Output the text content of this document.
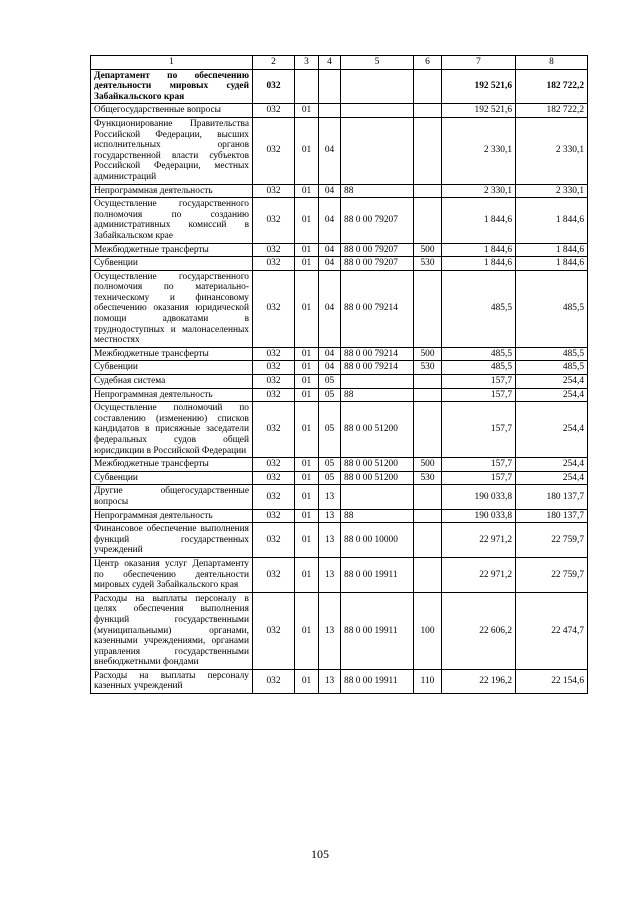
1	2	3	4	5	6	7	8
Департамент по обеспечению деятельности мировых судей Забайкальского края	032					192 521,6	182 722,2
Общегосударственные вопросы	032	01				192 521,6	182 722,2
Функционирование Правительства Российской Федерации, высших исполнительных органов государственной власти субъектов Российской Федерации, местных администраций	032	01	04			2 330,1	2 330,1
Непрограммная деятельность	032	01	04	88		2 330,1	2 330,1
Осуществление государственного полномочия по созданию административных комиссий в Забайкальском крае	032	01	04	88 0 00 79207		1 844,6	1 844,6
Межбюджетные трансферты	032	01	04	88 0 00 79207	500	1 844,6	1 844,6
Субвенции	032	01	04	88 0 00 79207	530	1 844,6	1 844,6
Осуществление государственного полномочия по материально-техническому и финансовому обеспечению оказания юридической помощи адвокатами в труднодоступных и малонаселенных местностях	032	01	04	88 0 00 79214		485,5	485,5
Межбюджетные трансферты	032	01	04	88 0 00 79214	500	485,5	485,5
Субвенции	032	01	04	88 0 00 79214	530	485,5	485,5
Судебная система	032	01	05			157,7	254,4
Непрограммная деятельность	032	01	05	88		157,7	254,4
Осуществление полномочий по составлению (изменению) списков кандидатов в присяжные заседатели федеральных судов общей юрисдикции в Российской Федерации	032	01	05	88 0 00 51200		157,7	254,4
Межбюджетные трансферты	032	01	05	88 0 00 51200	500	157,7	254,4
Субвенции	032	01	05	88 0 00 51200	530	157,7	254,4
Другие общегосударственные вопросы	032	01	13			190 033,8	180 137,7
Непрограммная деятельность	032	01	13	88		190 033,8	180 137,7
Финансовое обеспечение выполнения функций государственных учреждений	032	01	13	88 0 00 10000		22 971,2	22 759,7
Центр оказания услуг Департаменту по обеспечению деятельности мировых судей Забайкальского края	032	01	13	88 0 00 19911		22 971,2	22 759,7
Расходы на выплаты персоналу в целях обеспечения выполнения функций государственными (муниципальными) органами, казенными учреждениями, органами управления государственными внебюджетными фондами	032	01	13	88 0 00 19911	100	22 606,2	22 474,7
Расходы на выплаты персоналу казенных учреждений	032	01	13	88 0 00 19911	110	22 196,2	22 154,6
105
